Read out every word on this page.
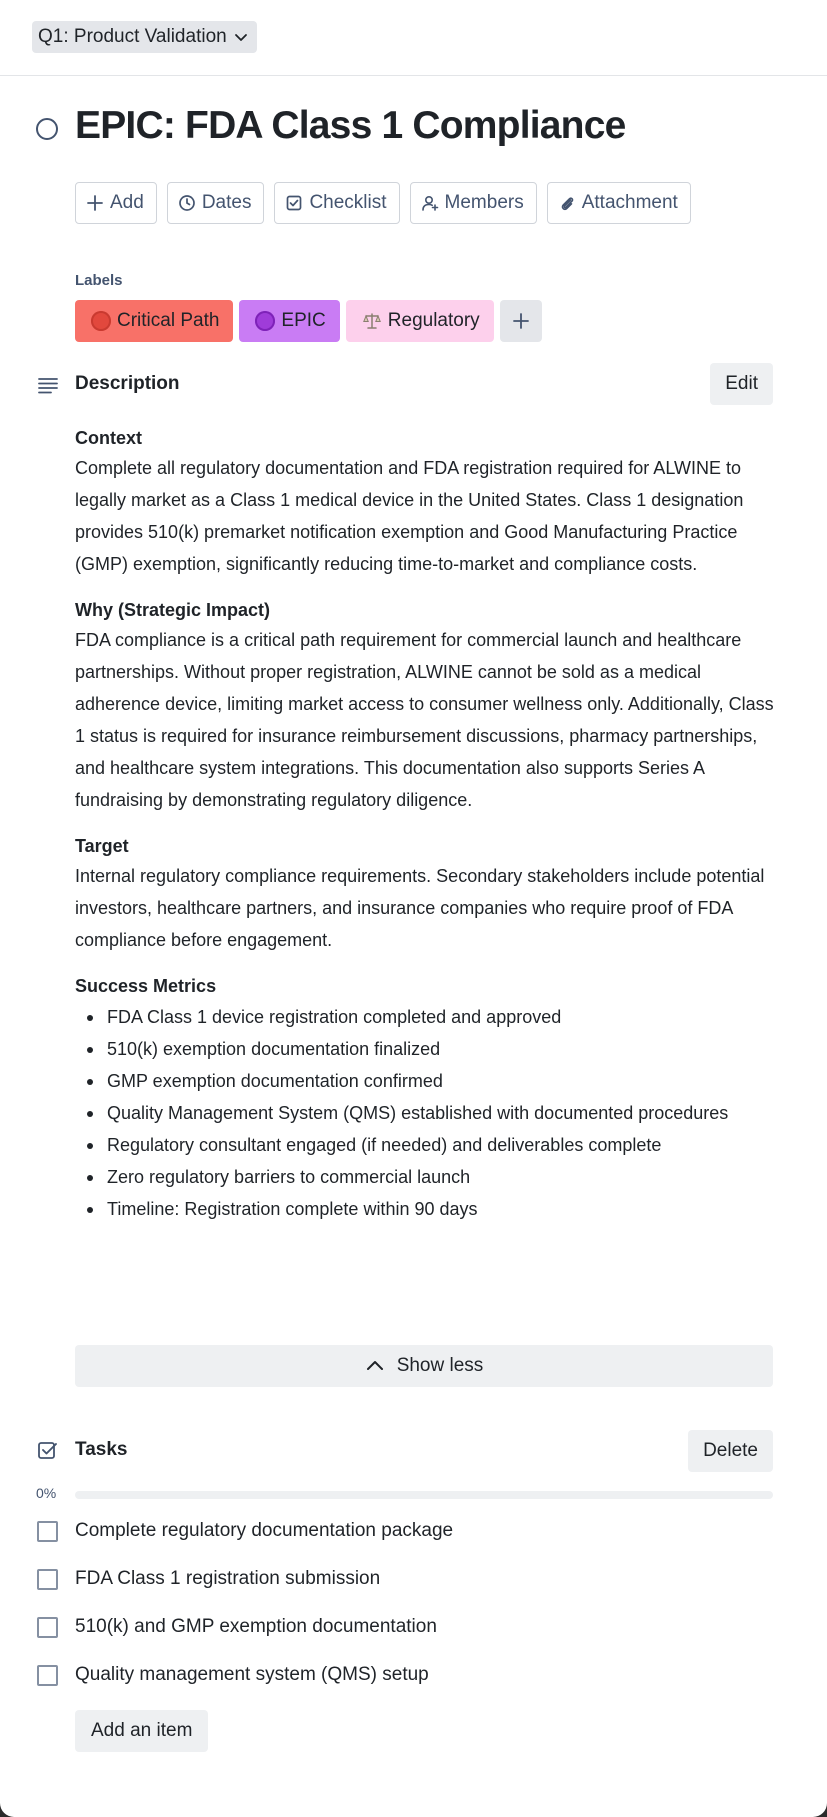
Q1: Product Validation
EPIC: FDA Class 1 Compliance
Add	Dates	Checklist	Members	Attachment
Labels
Critical Path	EPIC	Regulatory
Description	Edit
Context

Complete all regulatory documentation and FDA registration required for ALWINE to legally market as a Class 1 medical device in the United States. Class 1 designation provides 510(k) premarket notification exemption and Good Manufacturing Practice (GMP) exemption, significantly reducing time-to-market and compliance costs.

Why (Strategic Impact)

FDA compliance is a critical path requirement for commercial launch and healthcare partnerships. Without proper registration, ALWINE cannot be sold as a medical adherence device, limiting market access to consumer wellness only. Additionally, Class 1 status is required for insurance reimbursement discussions, pharmacy partnerships, and healthcare system integrations. This documentation also supports Series A fundraising by demonstrating regulatory diligence.

Target

Internal regulatory compliance requirements. Secondary stakeholders include potential investors, healthcare partners, and insurance companies who require proof of FDA compliance before engagement.

Success Metrics
FDA Class 1 device registration completed and approved
510(k) exemption documentation finalized
GMP exemption documentation confirmed
Quality Management System (QMS) established with documented procedures
Regulatory consultant engaged (if needed) and deliverables complete
Zero regulatory barriers to commercial launch
Timeline: Registration complete within 90 days
Show less
Tasks	Delete
0%
Complete regulatory documentation package
FDA Class 1 registration submission
510(k) and GMP exemption documentation
Quality management system (QMS) setup
Add an item
